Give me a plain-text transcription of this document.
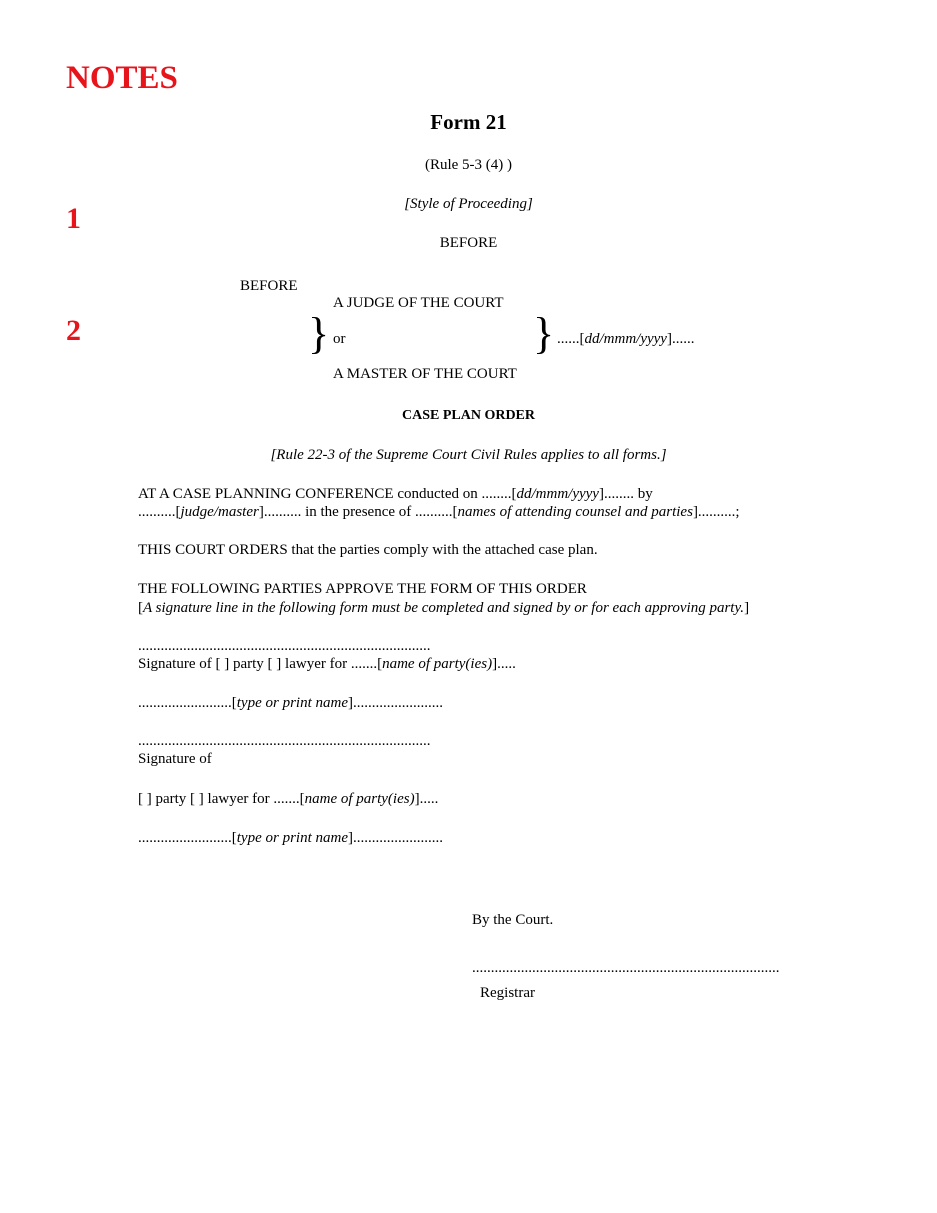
NOTES
1
2
Form 21
(Rule 5-3 (4) )
[Style of Proceeding]
BEFORE
BEFORE
A JUDGE OF THE COURT
} or	} ......[dd/mmm/yyyy]......
A MASTER OF THE COURT
CASE PLAN ORDER
[Rule 22-3 of the Supreme Court Civil Rules applies to all forms.]
AT A CASE PLANNING CONFERENCE conducted on ........[dd/mmm/yyyy]........ by
..........[judge/master].......... in the presence of ..........[names of attending counsel and parties]..........;
THIS COURT ORDERS that the parties comply with the attached case plan.
THE FOLLOWING PARTIES APPROVE THE FORM OF THIS ORDER
[A signature line in the following form must be completed and signed by or for each approving party.]
..............................................................................
Signature of [ ] party [ ] lawyer for .......[name of party(ies)].....
.........................[type or print name]........................
..............................................................................
Signature of
[ ] party [ ] lawyer for .......[name of party(ies)].....
.........................[type or print name]........................
By the Court.
..................................................................................
Registrar
